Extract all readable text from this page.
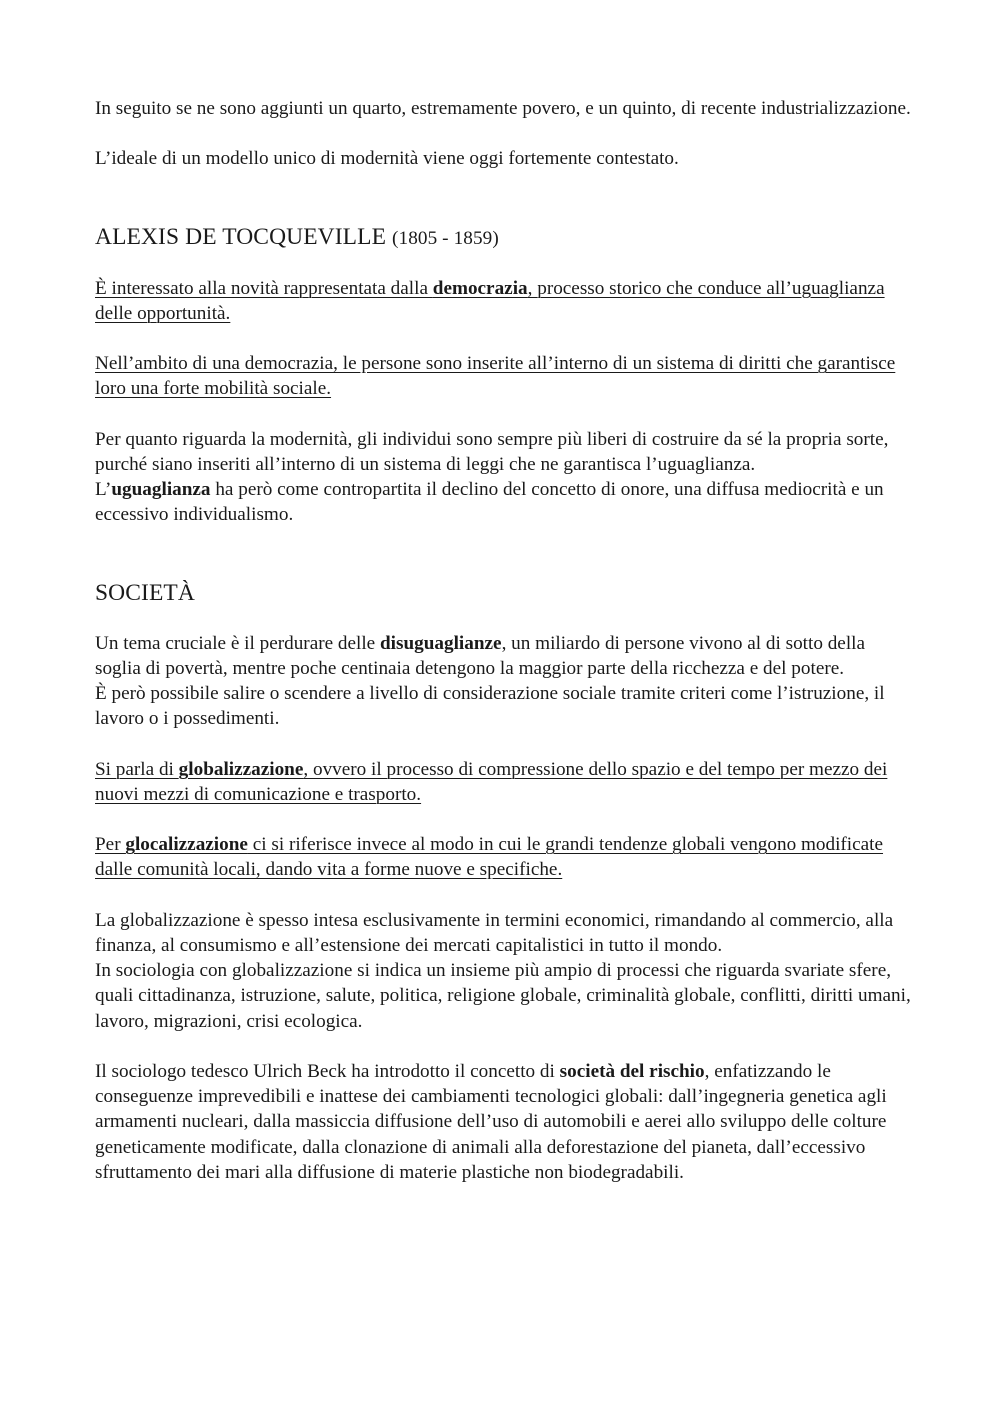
In seguito se ne sono aggiunti un quarto, estremamente povero, e un quinto, di recente industrializzazione.

L’ideale di un modello unico di modernità viene oggi fortemente contestato.

ALEXIS DE TOCQUEVILLE (1805 - 1859)

È interessato alla novità rappresentata dalla democrazia, processo storico che conduce all’uguaglianza delle opportunità.

Nell’ambito di una democrazia, le persone sono inserite all’interno di un sistema di diritti che garantisce loro una forte mobilità sociale.

Per quanto riguarda la modernità, gli individui sono sempre più liberi di costruire da sé la propria sorte, purché siano inseriti all’interno di un sistema di leggi che ne garantisca l’uguaglianza.

L’uguaglianza ha però come contropartita il declino del concetto di onore, una diffusa mediocrità e un eccessivo individualismo.

SOCIETÀ

Un tema cruciale è il perdurare delle disuguaglianze, un miliardo di persone vivono al di sotto della soglia di povertà, mentre poche centinaia detengono la maggior parte della ricchezza e del potere.

È però possibile salire o scendere a livello di considerazione sociale tramite criteri come l’istruzione, il lavoro o i possedimenti.

Si parla di globalizzazione, ovvero il processo di compressione dello spazio e del tempo per mezzo dei nuovi mezzi di comunicazione e trasporto.

Per glocalizzazione ci si riferisce invece al modo in cui le grandi tendenze globali vengono modificate dalle comunità locali, dando vita a forme nuove e specifiche.

La globalizzazione è spesso intesa esclusivamente in termini economici, rimandando al commercio, alla finanza, al consumismo e all’estensione dei mercati capitalistici in tutto il mondo.

In sociologia con globalizzazione si indica un insieme più ampio di processi che riguarda svariate sfere, quali cittadinanza, istruzione, salute, politica, religione globale, criminalità globale, conflitti, diritti umani, lavoro, migrazioni, crisi ecologica.

Il sociologo tedesco Ulrich Beck ha introdotto il concetto di società del rischio, enfatizzando le conseguenze imprevedibili e inattese dei cambiamenti tecnologici globali: dall’ingegneria genetica agli armamenti nucleari, dalla massiccia diffusione dell’uso di automobili e aerei allo sviluppo delle colture geneticamente modificate, dalla clonazione di animali alla deforestazione del pianeta, dall’eccessivo sfruttamento dei mari alla diffusione di materie plastiche non biodegradabili.
